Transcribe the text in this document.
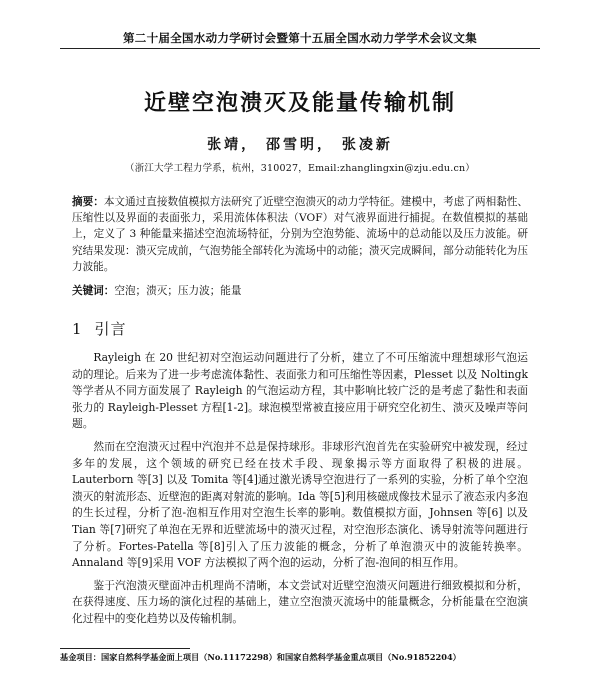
第二十届全国水动力学研讨会暨第十五届全国水动力学学术会议文集
近壁空泡溃灭及能量传输机制
张靖， 邵雪明， 张凌新
（浙江大学工程力学系，杭州，310027，Email:zhanglingxin@zju.edu.cn）
摘要：本文通过直接数值模拟方法研究了近壁空泡溃灭的动力学特征。建模中，考虑了两相黏性、压缩性以及界面的表面张力，采用流体体积法（VOF）对气液界面进行捕捉。在数值模拟的基础上，定义了 3 种能量来描述空泡流场特征，分别为空泡势能、流场中的总动能以及压力波能。研究结果发现：溃灭完成前，气泡势能全部转化为流场中的动能；溃灭完成瞬间，部分动能转化为压力波能。
关键词：空泡；溃灭；压力波；能量
1 引言

Rayleigh 在 20 世纪初对空泡运动问题进行了分析，建立了不可压缩流中理想球形气泡运动的理论。后来为了进一步考虑流体黏性、表面张力和可压缩性等因素，Plesset 以及 Noltingk 等学者从不同方面发展了 Rayleigh 的气泡运动方程，其中影响比较广泛的是考虑了黏性和表面张力的 Rayleigh-Plesset 方程[1-2]。球泡模型常被直接应用于研究空化初生、溃灭及噪声等问题。

然而在空泡溃灭过程中汽泡并不总是保持球形。非球形汽泡首先在实验研究中被发现，经过多年的发展，这个领域的研究已经在技术手段、现象揭示等方面取得了积极的进展。Lauterborn 等[3] 以及 Tomita 等[4]通过激光诱导空泡进行了一系列的实验，分析了单个空泡溃灭的射流形态、近壁泡的距离对射流的影响。Ida 等[5]利用核磁成像技术显示了液态汞内多泡的生长过程，分析了泡-泡相互作用对空泡生长率的影响。数值模拟方面，Johnsen 等[6] 以及 Tian 等[7]研究了单泡在无界和近壁流场中的溃灭过程，对空泡形态演化、诱导射流等问题进行了分析。Fortes-Patella 等[8]引入了压力波能的概念，分析了单泡溃灭中的波能转换率。Annaland 等[9]采用 VOF 方法模拟了两个泡的运动，分析了泡-泡间的相互作用。

鉴于汽泡溃灭壁面冲击机理尚不清晰，本文尝试对近壁空泡溃灭问题进行细致模拟和分析，在获得速度、压力场的演化过程的基础上，建立空泡溃灭流场中的能量概念，分析能量在空泡演化过程中的变化趋势以及传输机制。

基金项目：国家自然科学基金面上项目（No.11172298）和国家自然科学基金重点项目（No.91852204）
